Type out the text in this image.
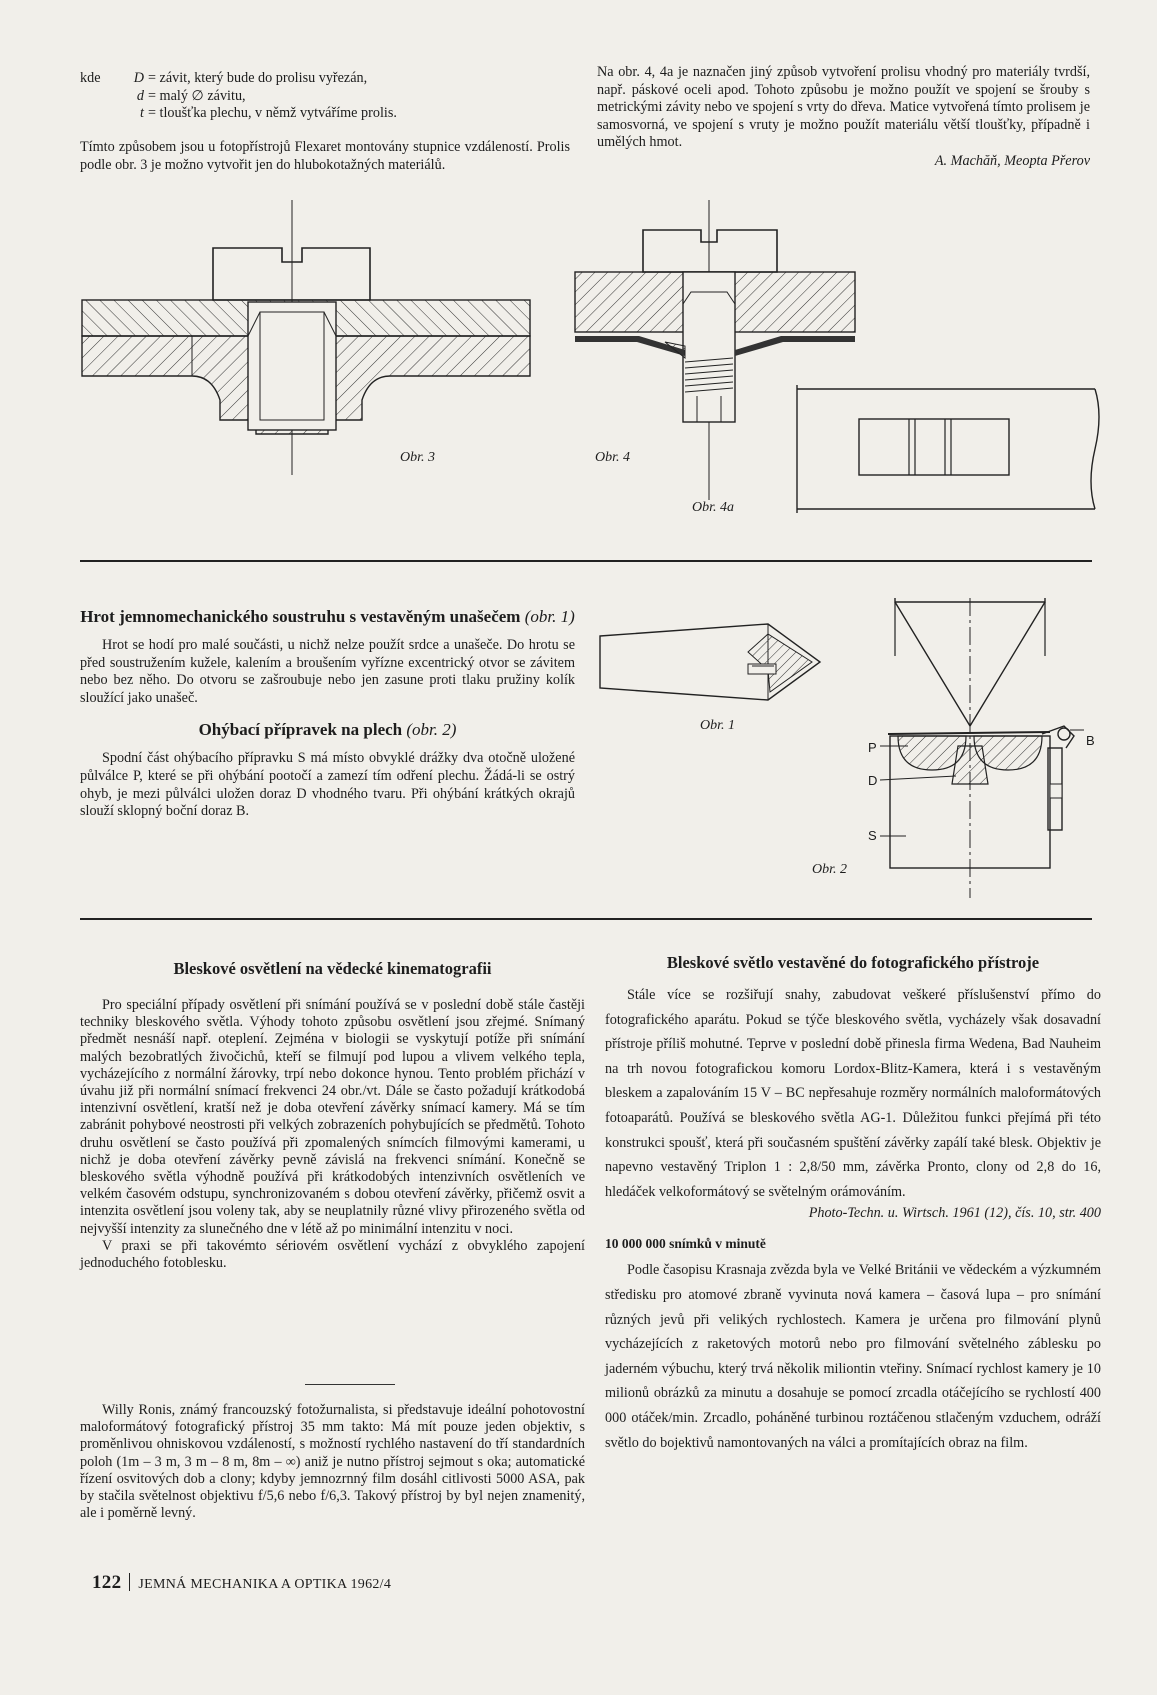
kde D = závit, který bude do prolisu vyřezán,
d = malý ∅ závitu,
t = tloušťka plechu, v němž vytváříme prolis.

Tímto způsobem jsou u fotopřístrojů Flexaret montovány stupnice vzdáleností. Prolis podle obr. 3 je možno vytvořit jen do hlubokotažných materiálů.

Na obr. 4, 4a je naznačen jiný způsob vytvoření prolisu vhodný pro materiály tvrdší, např. páskové oceli apod. Tohoto způsobu je možno použít ve spojení se šrouby s metrickými závity nebo ve spojení s vrty do dřeva. Matice vytvořená tímto prolisem je samosvorná, ve spojení s vruty je možno použít materiálu větší tloušťky, případně i umělých hmot.

A. Machăň, Meopta Přerov

Obr. 3	Obr. 4
Obr. 4a
Hrot jemnomechanického soustruhu s vestavěným unašečem (obr. 1)

Hrot se hodí pro malé součásti, u nichž nelze použít srdce a unašeče. Do hrotu se před soustružením kužele, kalením a broušením vyřízne excentrický otvor se závitem nebo bez něho. Do otvoru se zašroubuje nebo jen zasune proti tlaku pružiny kolík sloužící jako unašeč.

Ohýbací přípravek na plech (obr. 2)

Spodní část ohýbacího přípravku S má místo obvyklé drážky dva otočně uložené půlválce P, které se při ohýbání pootočí a zamezí tím odření plechu. Žádá-li se ostrý ohyb, je mezi půlválci uložen doraz D vhodného tvaru. Při ohýbání krátkých okrajů slouží sklopný boční doraz B.

Obr. 1
P
D
S
B
Obr. 2
Bleskové osvětlení na vědecké kinematografii

Pro speciální případy osvětlení při snímání používá se v poslední době stále častěji techniky bleskového světla. Výhody tohoto způsobu osvětlení jsou zřejmé. Snímaný předmět nesnáší např. oteplení. Zejména v biologii se vyskytují potíže při snímání malých bezobratlých živočichů, kteří se filmují pod lupou a vlivem velkého tepla, vycházejícího z normální žárovky, trpí nebo dokonce hynou. Tento problém přichází v úvahu již při normální snímací frekvenci 24 obr./vt. Dále se často požadují krátkodobá intenzivní osvětlení, kratší než je doba otevření závěrky snímací kamery. Má se tím zabránit pohybové neostrosti při velkých zobrazeních pohybujících se předmětů. Tohoto druhu osvětlení se často používá při zpomalených snímcích filmovými kamerami, u nichž je doba otevření závěrky pevně závislá na frekvenci snímání. Konečně se bleskového světla výhodně používá při krátkodobých intenzivních osvětleních ve velkém časovém odstupu, synchronizovaném s dobou otevření závěrky, přičemž osvit a intenzita osvětlení jsou voleny tak, aby se neuplatnily různé vlivy přirozeného světla od nejvyšší intenzity za slunečného dne v létě až po minimální intenzitu v noci.

V praxi se při takovémto sériovém osvětlení vychází z obvyklého zapojení jednoduchého fotoblesku.

Willy Ronis, známý francouzský fotožurnalista, si představuje ideální pohotovostní maloformátový fotografický přístroj 35 mm takto: Má mít pouze jeden objektiv, s proměnlivou ohniskovou vzdáleností, s možností rychlého nastavení do tří standardních poloh (1m – 3 m, 3 m – 8 m, 8m – ∞) aniž je nutno přístroj sejmout s oka; automatické řízení osvitových dob a clony; kdyby jemnozrnný film dosáhl citlivosti 5000 ASA, pak by stačila světelnost objektivu f/5,6 nebo f/6,3. Takový přístroj by byl nejen znamenitý, ale i poměrně levný.

Bleskové světlo vestavěné do fotografického přístroje

Stále více se rozšiřují snahy, zabudovat veškeré příslušenství přímo do fotografického aparátu. Pokud se týče bleskového světla, vycházely však dosavadní přístroje příliš mohutné. Teprve v poslední době přinesla firma Wedena, Bad Nauheim na trh novou fotografickou komoru Lordox-Blitz-Kamera, která i s vestavěným bleskem a zapalováním 15 V – BC nepřesahuje rozměry normálních maloformátových fotoaparátů. Používá se bleskového světla AG-1. Důležitou funkci přejímá při této konstrukci spoušť, která při současném spuštění závěrky zapálí také blesk. Objektiv je napevno vestavěný Triplon 1 : 2,8/50 mm, závěrka Pronto, clony od 2,8 do 16, hledáček velkoformátový se světelným orámováním.

Photo-Techn. u. Wirtsch. 1961 (12), čís. 10, str. 400

10 000 000 snímků v minutě

Podle časopisu Krasnaja zvězda byla ve Velké Británii ve vědeckém a výzkumném středisku pro atomové zbraně vyvinuta nová kamera – časová lupa – pro snímání různých jevů při velikých rychlostech. Kamera je určena pro filmování plynů vycházejících z raketových motorů nebo pro filmování světelného záblesku po jaderném výbuchu, který trvá několik miliontin vteřiny. Snímací rychlost kamery je 10 milionů obrázků za minutu a dosahuje se pomocí zrcadla otáčejícího se rychlostí 400 000 otáček/min. Zrcadlo, poháněné turbinou roztáčenou stlačeným vzduchem, odráží světlo do bojektivů namontovaných na válci a promítajících obraz na film.

122 JEMNÁ MECHANIKA A OPTIKA 1962/4
